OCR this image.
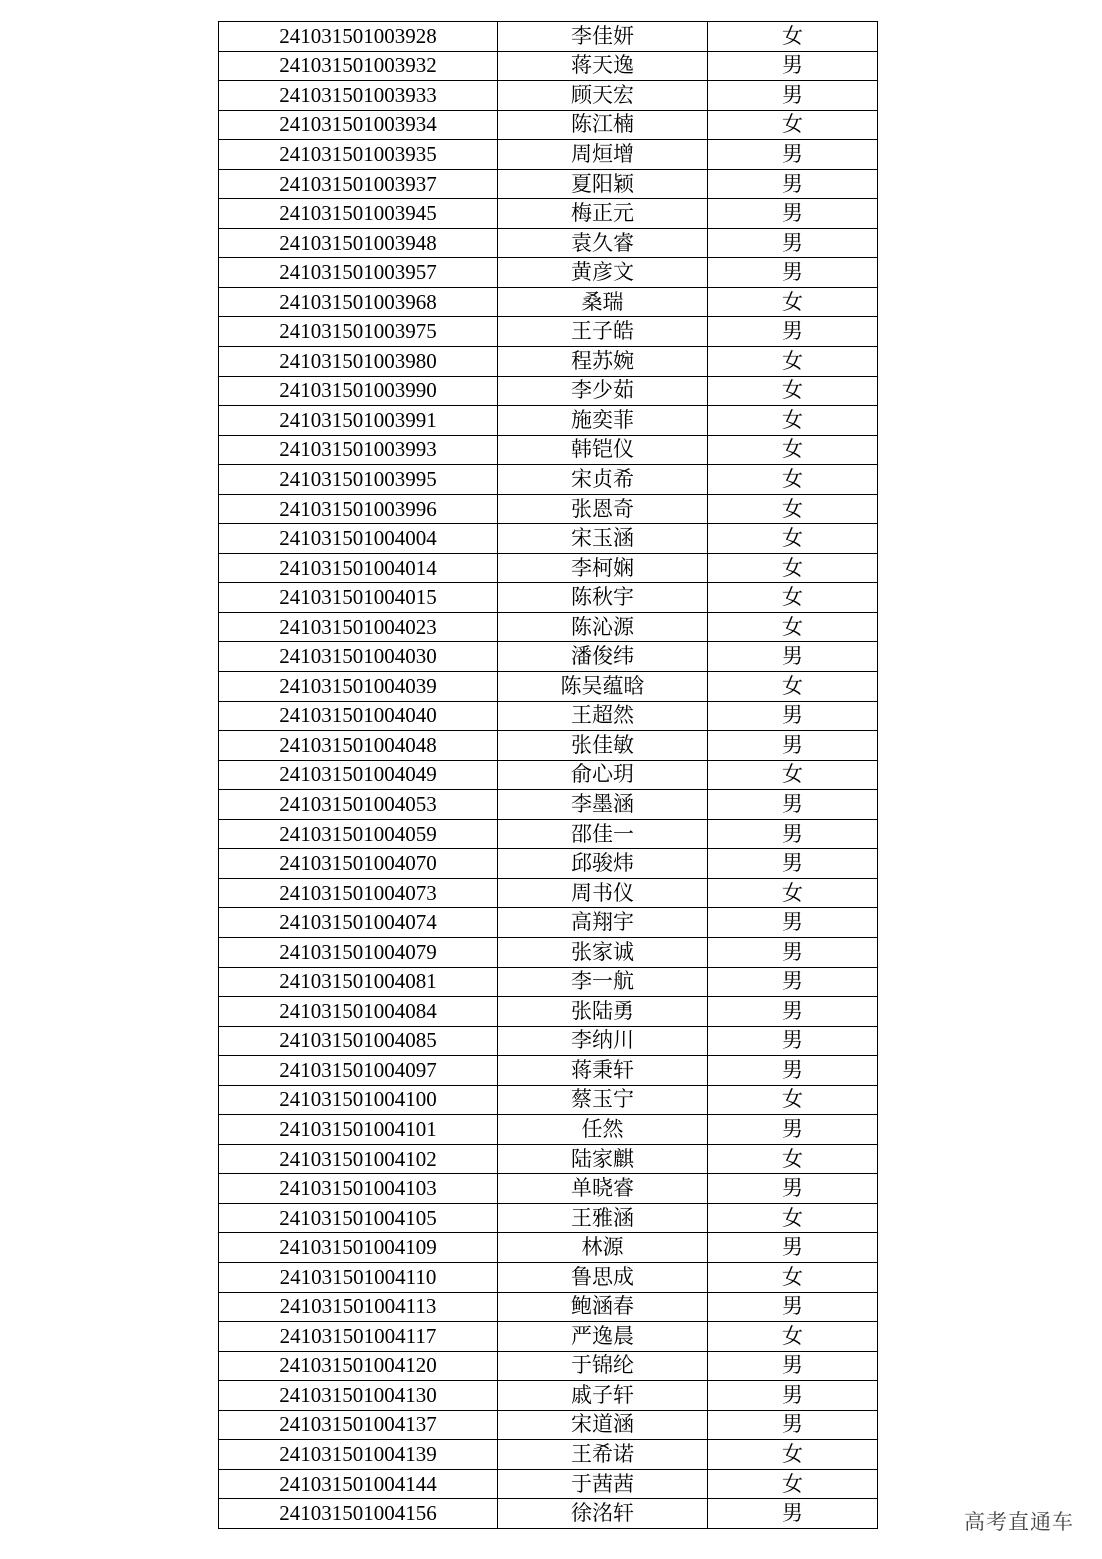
241031501003928	李佳妍	女
241031501003932	蒋天逸	男
241031501003933	顾天宏	男
241031501003934	陈江楠	女
241031501003935	周烜增	男
241031501003937	夏阳颖	男
241031501003945	梅正元	男
241031501003948	袁久睿	男
241031501003957	黄彦文	男
241031501003968	桑瑞	女
241031501003975	王子皓	男
241031501003980	程苏婉	女
241031501003990	李少茹	女
241031501003991	施奕菲	女
241031501003993	韩铠仪	女
241031501003995	宋贞希	女
241031501003996	张恩奇	女
241031501004004	宋玉涵	女
241031501004014	李柯娴	女
241031501004015	陈秋宇	女
241031501004023	陈沁源	女
241031501004030	潘俊纬	男
241031501004039	陈吴蕴晗	女
241031501004040	王超然	男
241031501004048	张佳敏	男
241031501004049	俞心玥	女
241031501004053	李墨涵	男
241031501004059	邵佳一	男
241031501004070	邱骏炜	男
241031501004073	周书仪	女
241031501004074	高翔宇	男
241031501004079	张家诚	男
241031501004081	李一航	男
241031501004084	张陆勇	男
241031501004085	李纳川	男
241031501004097	蒋秉轩	男
241031501004100	蔡玉宁	女
241031501004101	任然	男
241031501004102	陆家麒	女
241031501004103	单晓睿	男
241031501004105	王雅涵	女
241031501004109	林源	男
241031501004110	鲁思成	女
241031501004113	鲍涵春	男
241031501004117	严逸晨	女
241031501004120	于锦纶	男
241031501004130	戚子轩	男
241031501004137	宋道涵	男
241031501004139	王希诺	女
241031501004144	于茜茜	女
241031501004156	徐洺轩	男	高考直通车
